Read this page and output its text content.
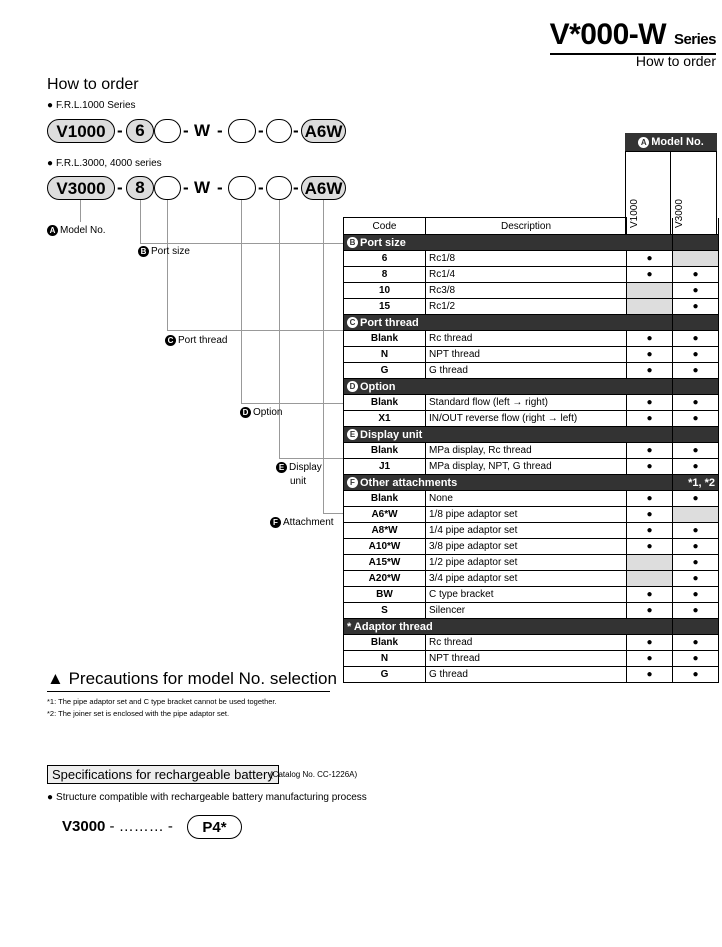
V*000-W Series
How to order
How to order
● F.R.L.1000 Series
V1000 - 6	- W - - - A6W
● F.R.L.3000, 4000 series
V3000 - 8	- W - - - A6W
A Model No.
B Port size
C Port thread
D Option
E Display
unit
F Attachment
A Model No.
V1000	V3000
Code	Description		
B Port size			
6	Rc1/8	●	
8	Rc1/4	●	●
10	Rc3/8		●
15	Rc1/2		●
C Port thread			
Blank	Rc thread	●	●
N	NPT thread	●	●
G	G thread	●	●
D Option			
Blank	Standard flow (left → right)	●	●
X1	IN/OUT reverse flow (right → left)	●	●
E Display unit			
Blank	MPa display, Rc thread	●	●
J1	MPa display, NPT, G thread	●	●
F Other attachments			*1, *2
Blank	None	●	●
A6*W	1/8 pipe adaptor set	●	
A8*W	1/4 pipe adaptor set	●	●
A10*W	3/8 pipe adaptor set	●	●
A15*W	1/2 pipe adaptor set		●
A20*W	3/4 pipe adaptor set		●
BW	C type bracket	●	●
S	Silencer	●	●
* Adaptor thread			
Blank	Rc thread	●	●
N	NPT thread	●	●
G	G thread	●	●
▲ Precautions for model No. selection
*1: The pipe adaptor set and C type bracket cannot be used together.
*2: The joiner set is enclosed with the pipe adaptor set.
Specifications for rechargeable battery
(Catalog No. CC-1226A)
● Structure compatible with rechargeable battery manufacturing process
V3000 - ……… -	P4*
